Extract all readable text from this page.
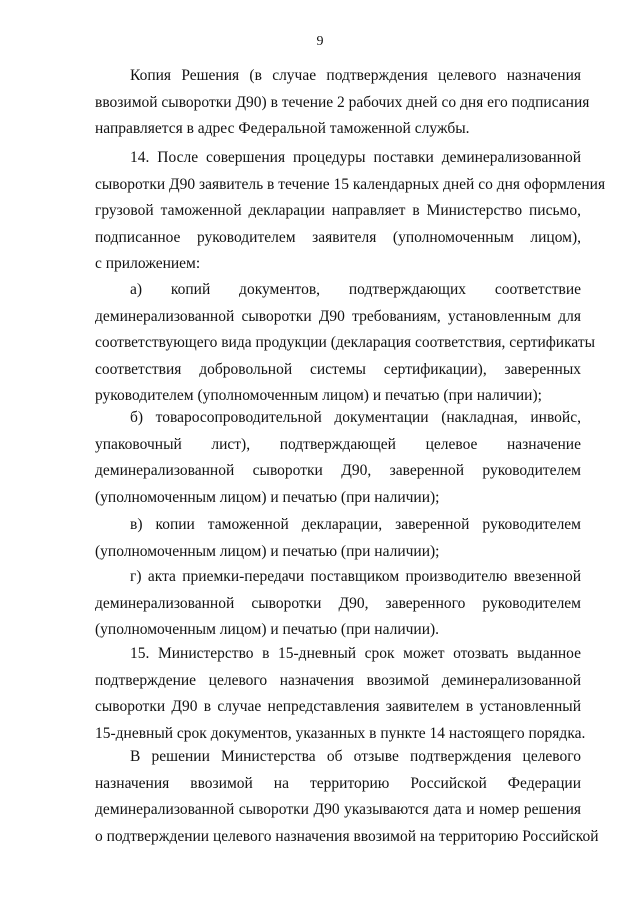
9
Копия Решения (в случае подтверждения целевого назначения
ввозимой сыворотки Д90) в течение 2 рабочих дней со дня его подписания
направляется в адрес Федеральной таможенной службы.
14. После совершения процедуры поставки деминерализованной
сыворотки Д90 заявитель в течение 15 календарных дней со дня оформления
грузовой таможенной декларации направляет в Министерство письмо,
подписанное руководителем заявителя (уполномоченным лицом),
с приложением:
а) копий документов, подтверждающих соответствие
деминерализованной сыворотки Д90 требованиям, установленным для
соответствующего вида продукции (декларация соответствия, сертификаты
соответствия добровольной системы сертификации), заверенных
руководителем (уполномоченным лицом) и печатью (при наличии);
б) товаросопроводительной документации (накладная, инвойс,
упаковочный лист), подтверждающей целевое назначение
деминерализованной сыворотки Д90, заверенной руководителем
(уполномоченным лицом) и печатью (при наличии);
в) копии таможенной декларации, заверенной руководителем
(уполномоченным лицом) и печатью (при наличии);
г) акта приемки-передачи поставщиком производителю ввезенной
деминерализованной сыворотки Д90, заверенного руководителем
(уполномоченным лицом) и печатью (при наличии).
15. Министерство в 15-дневный срок может отозвать выданное
подтверждение целевого назначения ввозимой деминерализованной
сыворотки Д90 в случае непредставления заявителем в установленный
15-дневный срок документов, указанных в пункте 14 настоящего порядка.
В решении Министерства об отзыве подтверждения целевого
назначения ввозимой на территорию Российской Федерации
деминерализованной сыворотки Д90 указываются дата и номер решения
о подтверждении целевого назначения ввозимой на территорию Российской
